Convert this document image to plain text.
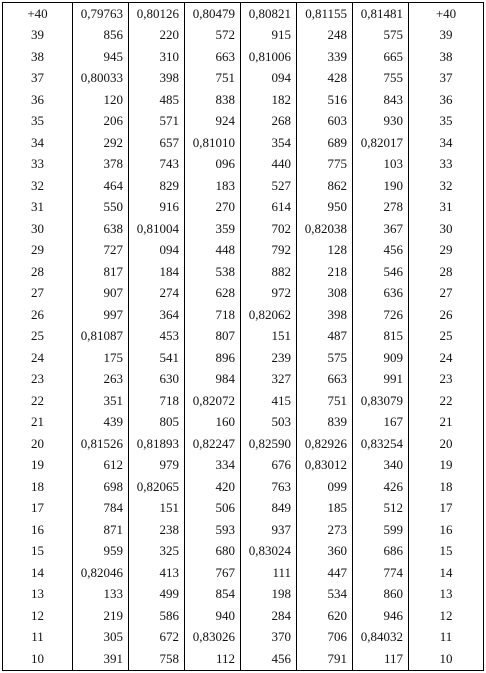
+40	0,79763	0,80126	0,80479	0,80821	0,81155	0,81481	+40
39	856	220	572	915	248	575	39
38	945	310	663	0,81006	339	665	38
37	0,80033	398	751	094	428	755	37
36	120	485	838	182	516	843	36
35	206	571	924	268	603	930	35
34	292	657	0,81010	354	689	0,82017	34
33	378	743	096	440	775	103	33
32	464	829	183	527	862	190	32
31	550	916	270	614	950	278	31
30	638	0,81004	359	702	0,82038	367	30
29	727	094	448	792	128	456	29
28	817	184	538	882	218	546	28
27	907	274	628	972	308	636	27
26	997	364	718	0,82062	398	726	26
25	0,81087	453	807	151	487	815	25
24	175	541	896	239	575	909	24
23	263	630	984	327	663	991	23
22	351	718	0,82072	415	751	0,83079	22
21	439	805	160	503	839	167	21
20	0,81526	0,81893	0,82247	0,82590	0,82926	0,83254	20
19	612	979	334	676	0,83012	340	19
18	698	0,82065	420	763	099	426	18
17	784	151	506	849	185	512	17
16	871	238	593	937	273	599	16
15	959	325	680	0,83024	360	686	15
14	0,82046	413	767	111	447	774	14
13	133	499	854	198	534	860	13
12	219	586	940	284	620	946	12
11	305	672	0,83026	370	706	0,84032	11
10	391	758	112	456	791	117	10
